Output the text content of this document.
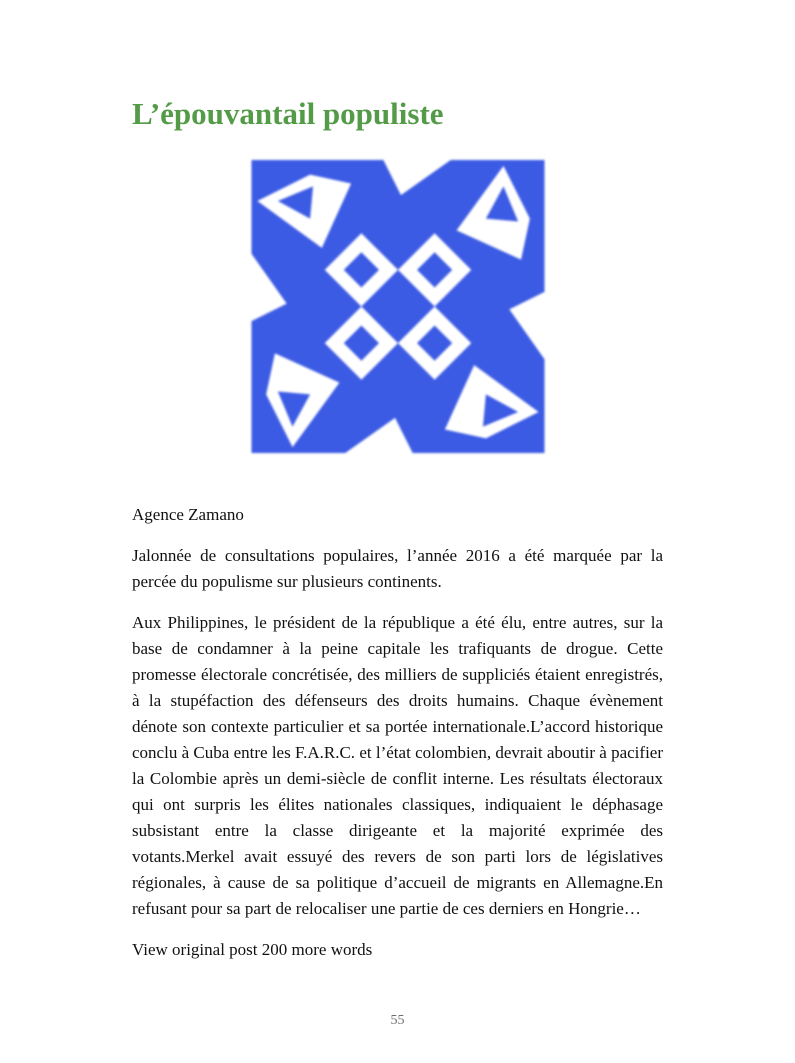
L’épouvantail populiste

Agence Zamano

Jalonnée de consultations populaires, l’année 2016 a été marquée par la percée du populisme sur plusieurs continents.

Aux Philippines, le président de la république a été élu, entre autres, sur la base de condamner à la peine capitale les trafiquants de drogue. Cette promesse électorale concrétisée, des milliers de suppliciés étaient enregistrés, à la stupéfaction des défenseurs des droits humains. Chaque évènement dénote son contexte particulier et sa portée internationale.L’accord historique conclu à Cuba entre les F.A.R.C. et l’état colombien, devrait aboutir à pacifier la Colombie après un demi-siècle de conflit interne. Les résultats électoraux qui ont surpris les élites nationales classiques, indiquaient le déphasage subsistant entre la classe dirigeante et la majorité exprimée des votants.Merkel avait essuyé des revers de son parti lors de législatives régionales, à cause de sa politique d’accueil de migrants en Allemagne.En refusant pour sa part de relocaliser une partie de ces derniers en Hongrie…

View original post 200 more words

55
